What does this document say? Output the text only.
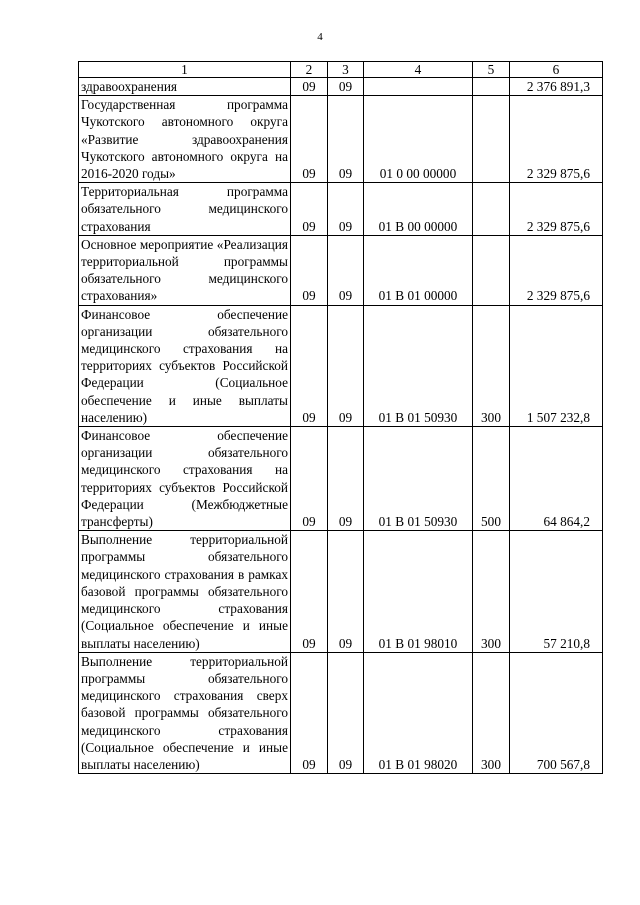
4
1	2	3	4	5	6
здравоохранения	09	09			2 376 891,3
Государственная программа Чукотского автономного округа «Развитие здравоохранения Чукотского автономного округа на 2016-2020 годы»	09	09	01 0 00 00000		2 329 875,6
Территориальная программа обязательного медицинского страхования	09	09	01 В 00 00000		2 329 875,6
Основное мероприятие «Реализация территориальной программы обязательного медицинского страхования»	09	09	01 В 01 00000		2 329 875,6
Финансовое обеспечение организации обязательного медицинского страхования на территориях субъектов Российской Федерации (Социальное обеспечение и иные выплаты населению)	09	09	01 В 01 50930	300	1 507 232,8
Финансовое обеспечение организации обязательного медицинского страхования на территориях субъектов Российской Федерации (Межбюджетные трансферты)	09	09	01 В 01 50930	500	64 864,2
Выполнение территориальной программы обязательного медицинского страхования в рамках базовой программы обязательного медицинского страхования (Социальное обеспечение и иные выплаты населению)	09	09	01 В 01 98010	300	57 210,8
Выполнение территориальной программы обязательного медицинского страхования сверх базовой программы обязательного медицинского страхования (Социальное обеспечение и иные выплаты населению)	09	09	01 В 01 98020	300	700 567,8
